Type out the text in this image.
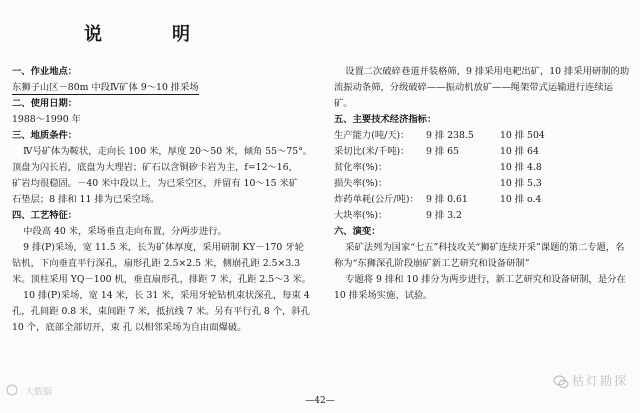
说　明
一、作业地点：
东狮子山区－80m 中段Ⅳ矿体 9～10 排采场
二、使用日期：
1988～1990 年
三、地质条件：
Ⅳ号矿体为鞍状，走向长 100 米，厚度 20～50 米，倾角 55～75°。
顶盘为闪长岩，底盘为大理岩；矿石以含铜矽卡岩为主，f=12～16，
矿岩均很稳固。－40 米中段以上，为已采空区，并留有 10～15 米矿
石垫层；8 排和 11 排为已采空场。
四、工艺特征：
中段高 40 米，采场垂直走向布置，分两步进行。
9 排(P)采场，宽 11.5 米，长为矿体厚度，采用研制 KY－170 牙轮钻机，下向垂直平行深孔，扇形孔距 2.5×2.5 米，侧崩孔距 2.5×3.3 米。顶柱采用 YQ－100 机，垂直扇形孔，排距 7 米，孔距 2.5～3 米。
10 排(P)采场，宽 14 米，长 31 米，采用牙轮钻机束状深孔，每束 4 孔，孔间距 0.8 米，束间距 7 米，抵抗线 7 米。另有平行孔 8 个，斜孔 10 个，底部全部切开，束 孔 以相邻采场为自由面爆破。
设置二次破碎巷道并装格筛，9 排采用电耙出矿，10 排采用研制的助流振动条筛，分级破碎——振动机放矿——绳架带式运输进行连续运矿。
五、主要技术经济指标：
生产能力(吨/天)：	9 排 238.5	10 排 504
采切比(米/千吨)：	9 排 65	10 排 64
贫化率(%)：		10 排 4.8
损失率(%)：		10 排 5.3
炸药单耗(公斤/吨)：	9 排 0.61	10 排 o.4
大块率(%)：	9 排 3.2	
六、演变：
采矿法列为国家“七五”科技攻关“狮矿连续开采”课题的第二专题，名称为“东狮深孔阶段崩矿新工艺研究和设备研制”
专题将 9 排和 10 排分为两步进行，新工艺研究和设备研制，是分在 10 排采场实施、试验。
大数据
枯灯勘探
—42—
